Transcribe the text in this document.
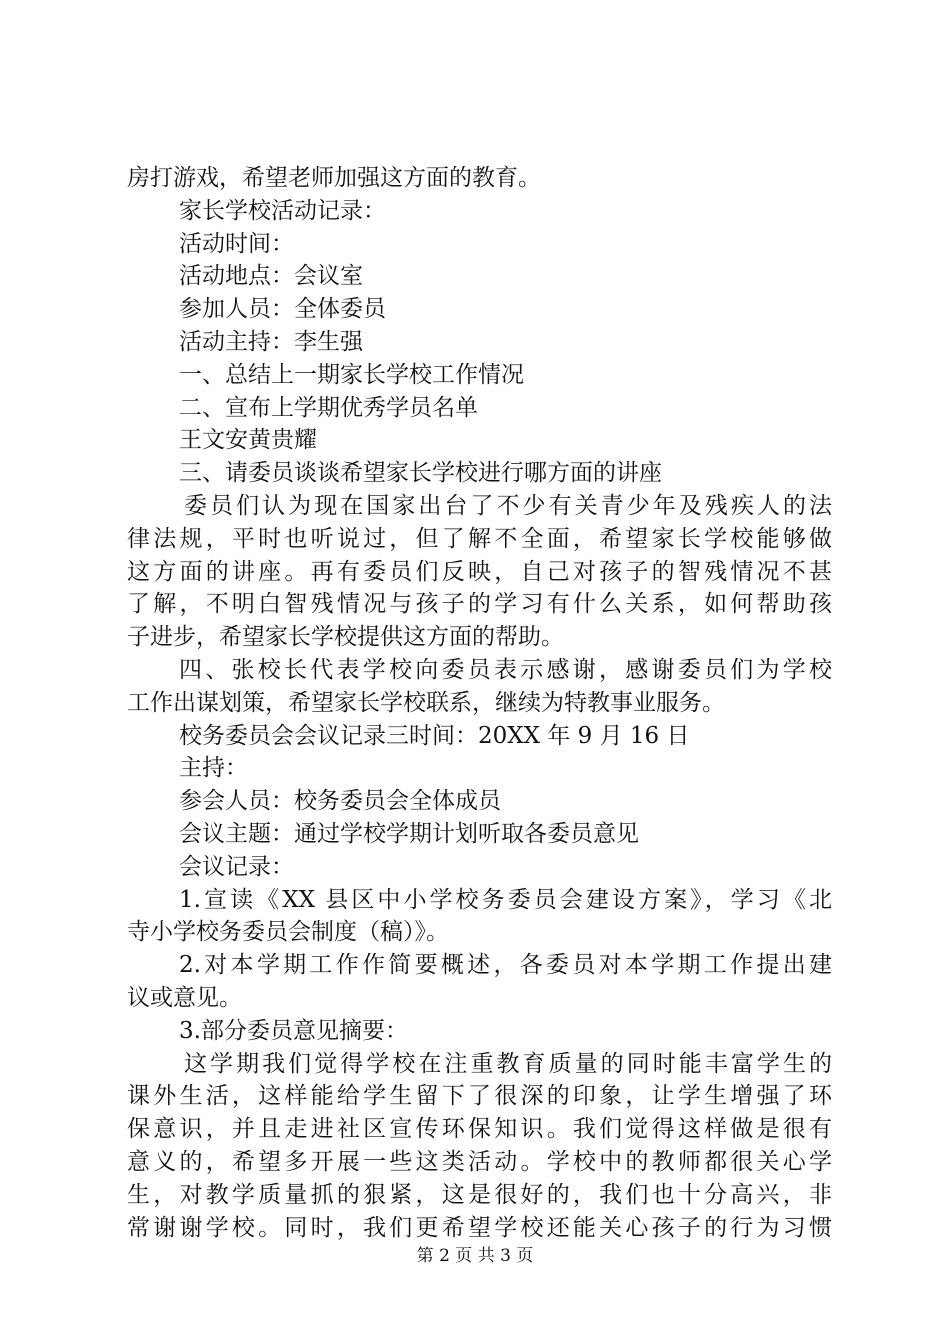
房打游戏，希望老师加强这方面的教育。
家长学校活动记录：
活动时间：
活动地点：会议室
参加人员：全体委员
活动主持：李生强
一、总结上一期家长学校工作情况
二、宣布上学期优秀学员名单
王文安黄贵耀
三、请委员谈谈希望家长学校进行哪方面的讲座
委员们认为现在国家出台了不少有关青少年及残疾人的法
律法规，平时也听说过，但了解不全面，希望家长学校能够做
这方面的讲座。再有委员们反映，自己对孩子的智残情况不甚
了解，不明白智残情况与孩子的学习有什么关系，如何帮助孩
子进步，希望家长学校提供这方面的帮助。
四、张校长代表学校向委员表示感谢，感谢委员们为学校
工作出谋划策，希望家长学校联系，继续为特教事业服务。
校务委员会会议记录三时间：20XX 年 9 月 16 日
主持：
参会人员：校务委员会全体成员
会议主题：通过学校学期计划听取各委员意见
会议记录：
1.宣读《XX 县区中小学校务委员会建设方案》，学习《北
寺小学校务委员会制度（稿）》。
2.对本学期工作作简要概述，各委员对本学期工作提出建
议或意见。
3.部分委员意见摘要：
这学期我们觉得学校在注重教育质量的同时能丰富学生的
课外生活，这样能给学生留下了很深的印象，让学生增强了环
保意识，并且走进社区宣传环保知识。我们觉得这样做是很有
意义的，希望多开展一些这类活动。学校中的教师都很关心学
生，对教学质量抓的狠紧，这是很好的，我们也十分高兴，非
常谢谢学校。同时，我们更希望学校还能关心孩子的行为习惯
第 2 页 共 3 页
